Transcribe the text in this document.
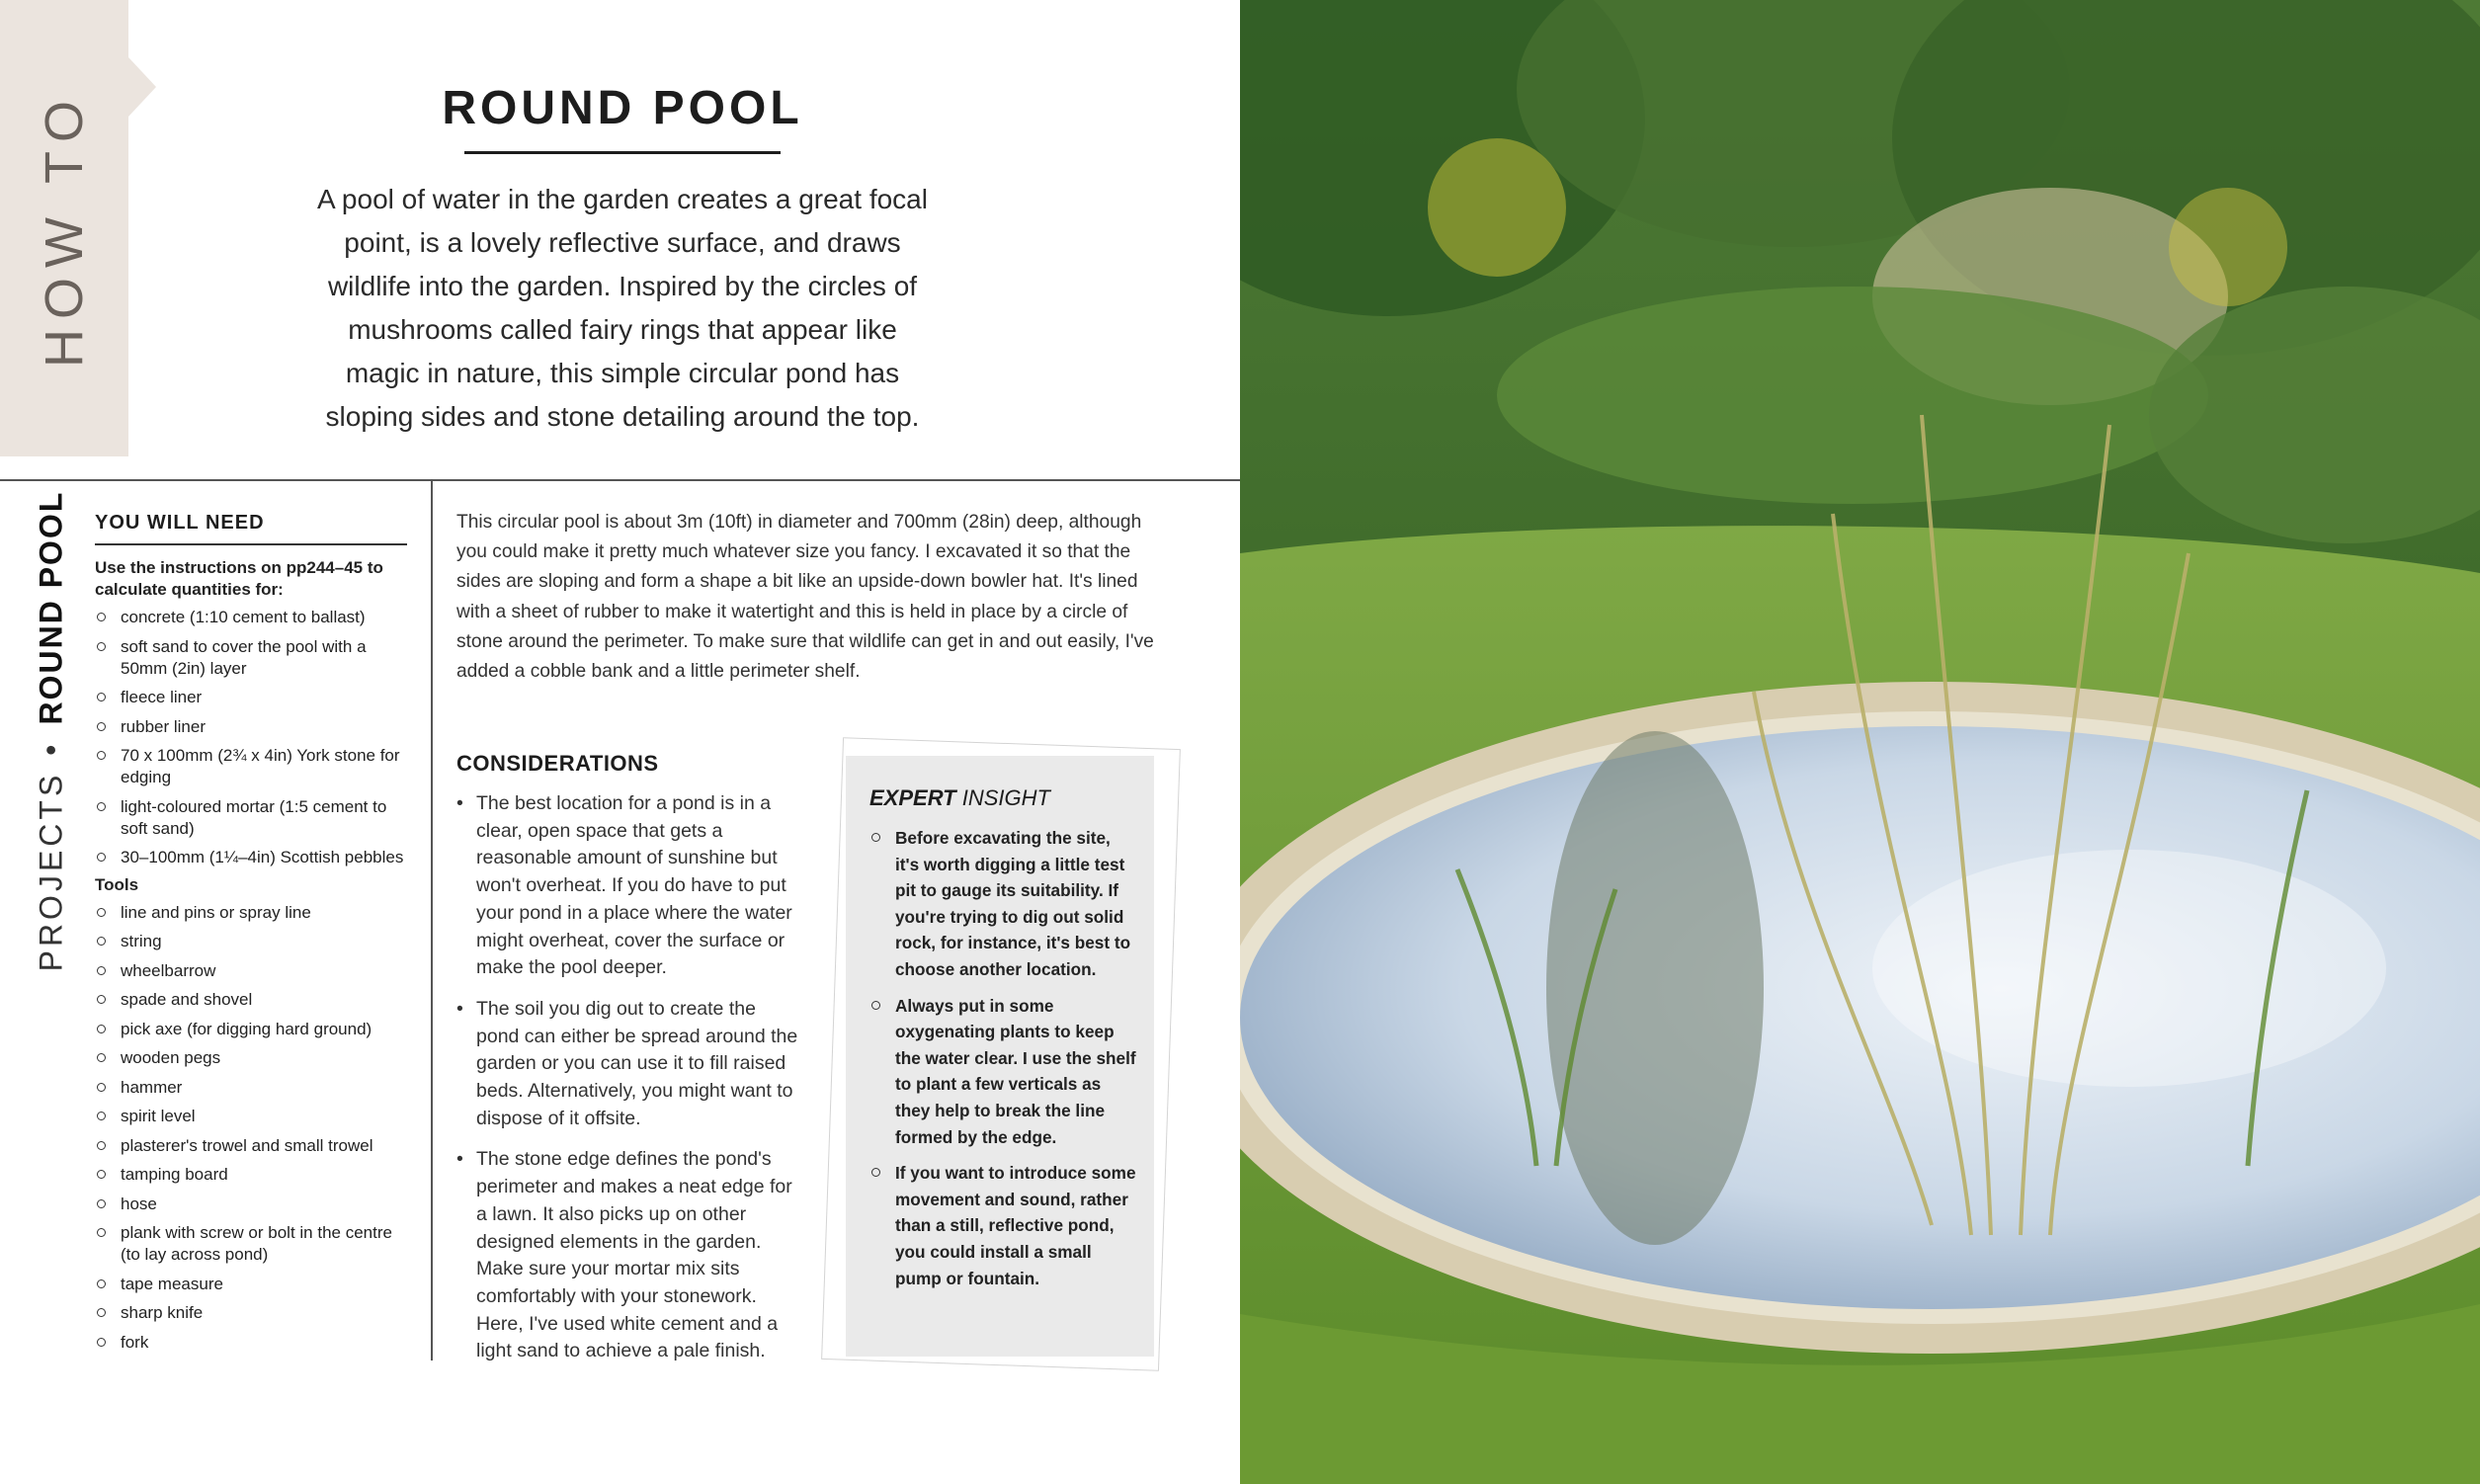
HOW TO	ROUND POOL
A pool of water in the garden creates a great focal point, is a lovely reflective surface, and draws wildlife into the garden. Inspired by the circles of mushrooms called fairy rings that appear like magic in nature, this simple circular pond has sloping sides and stone detailing around the top.
PROJECTS•ROUND POOL YOU WILL NEED
Use the instructions on pp244–45 to calculate quantities for:
concrete (1:10 cement to ballast)
soft sand to cover the pool with a 50mm (2in) layer
fleece liner
rubber liner
70 x 100mm (2¾ x 4in) York stone for edging
light-coloured mortar (1:5 cement to soft sand)
30–100mm (1¼–4in) Scottish pebbles
Tools
line and pins or spray line
string
wheelbarrow
spade and shovel
pick axe (for digging hard ground)
wooden pegs
hammer
spirit level
plasterer's trowel and small trowel
tamping board
hose
plank with screw or bolt in the centre (to lay across pond)
tape measure
sharp knife
fork
This circular pool is about 3m (10ft) in diameter and 700mm (28in) deep, although you could make it pretty much whatever size you fancy. I excavated it so that the sides are sloping and form a shape a bit like an upside-down bowler hat. It's lined with a sheet of rubber to make it watertight and this is held in place by a circle of stone around the perimeter. To make sure that wildlife can get in and out easily, I've added a cobble bank and a little perimeter shelf.
CONSIDERATIONS
• The best location for a pond is in a clear, open space that gets a reasonable amount of sunshine but won't overheat. If you do have to put your pond in a place where the water might overheat, cover the surface or make the pool deeper.
• The soil you dig out to create the pond can either be spread around the garden or you can use it to fill raised beds. Alternatively, you might want to dispose of it offsite.
• The stone edge defines the pond's perimeter and makes a neat edge for a lawn. It also picks up on other designed elements in the garden. Make sure your mortar mix sits comfortably with your stonework. Here, I've used white cement and a light sand to achieve a pale finish.
EXPERT INSIGHT
Before excavating the site, it's worth digging a little test pit to gauge its suitability. If you're trying to dig out solid rock, for instance, it's best to choose another location.
Always put in some oxygenating plants to keep the water clear. I use the shelf to plant a few verticals as they help to break the line formed by the edge.
If you want to introduce some movement and sound, rather than a still, reflective pond, you could install a small pump or fountain.
